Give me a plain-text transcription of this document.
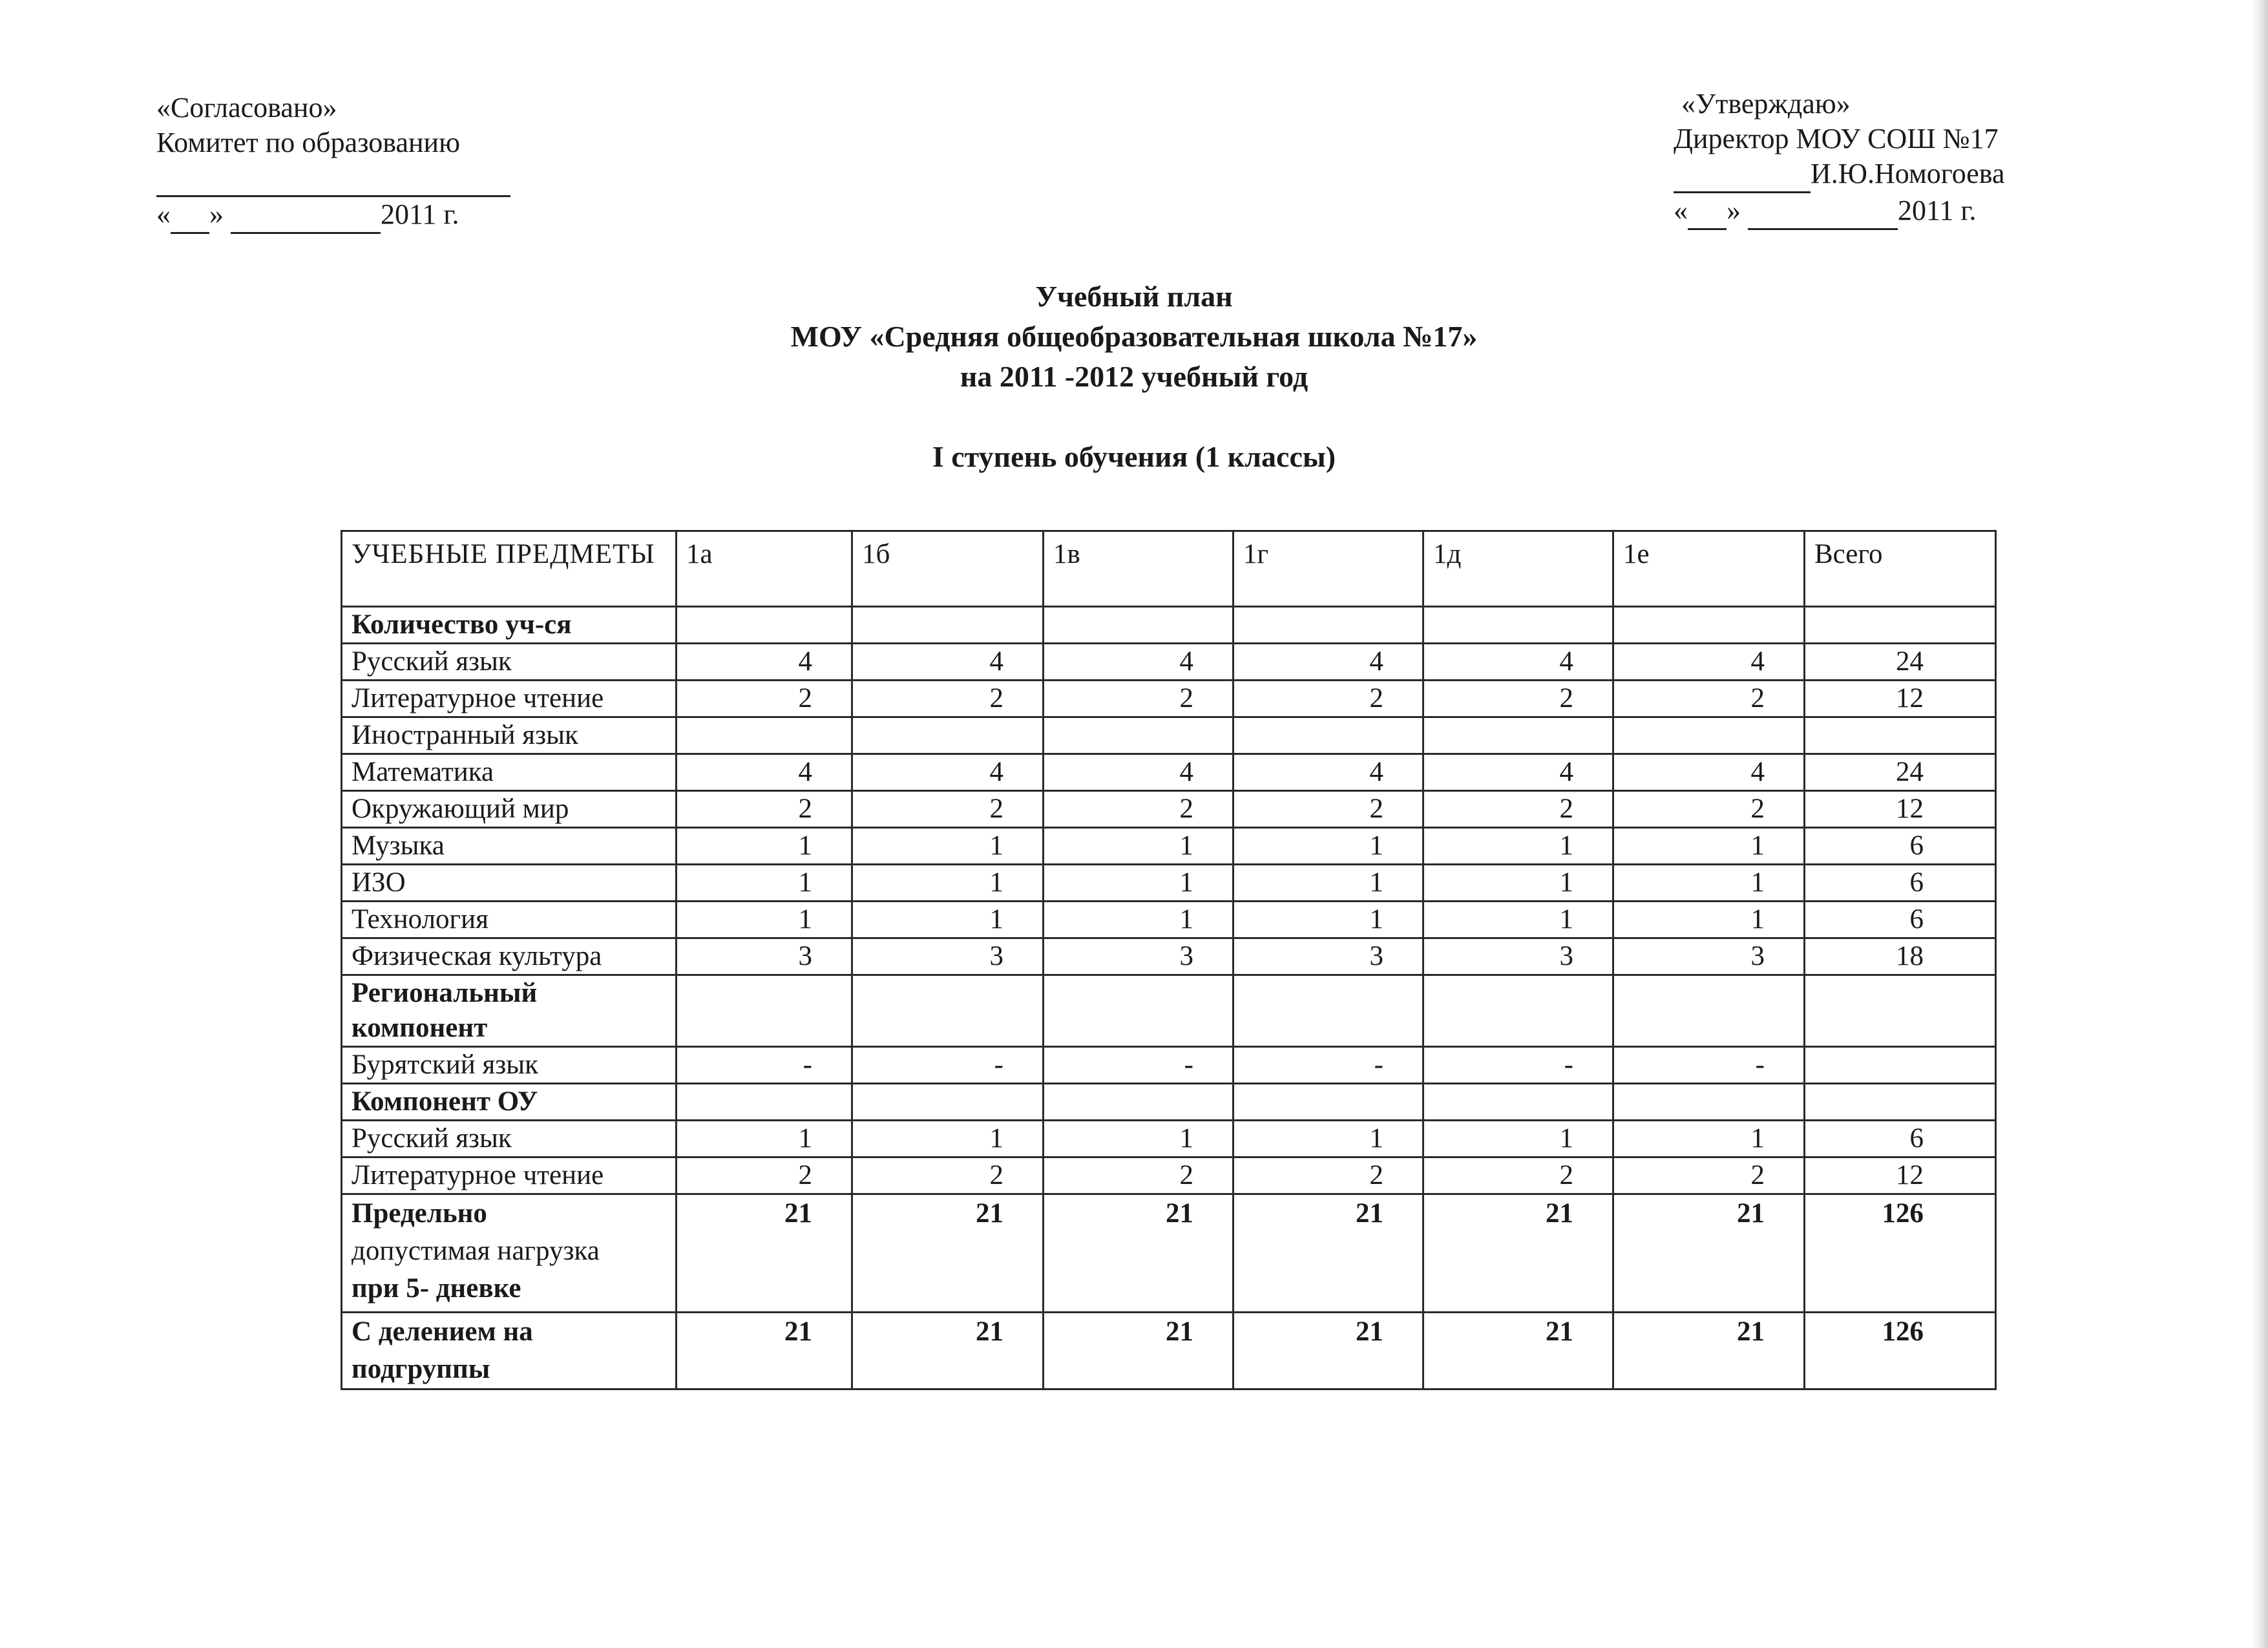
«Согласовано»
Комитет по образованию

« »	2011 г.
«Утверждаю»
Директор МОУ СОШ №17
И.Ю.Номогоева
« »	2011 г.
Учебный план
МОУ «Средняя общеобразовательная школа №17»
на 2011 -2012 учебный год
I ступень обучения (1 классы)
УЧЕБНЫЕ ПРЕДМЕТЫ	1а	1б	1в	1г	1д	1е	Всего
Количество уч-ся							
Русский язык	4	4	4	4	4	4	24
Литературное чтение	2	2	2	2	2	2	12
Иностранный язык							
Математика	4	4	4	4	4	4	24
Окружающий мир	2	2	2	2	2	2	12
Музыка	1	1	1	1	1	1	6
ИЗО	1	1	1	1	1	1	6
Технология	1	1	1	1	1	1	6
Физическая культура	3	3	3	3	3	3	18
Региональный компонент							
Бурятский язык	-	-	-	-	-	-	
Компонент ОУ							
Русский язык	1	1	1	1	1	1	6
Литературное чтение	2	2	2	2	2	2	12
Предельно
допустимая нагрузка
при 5- дневке	21	21	21	21	21	21	126
С делением на подгруппы	21	21	21	21	21	21	126
